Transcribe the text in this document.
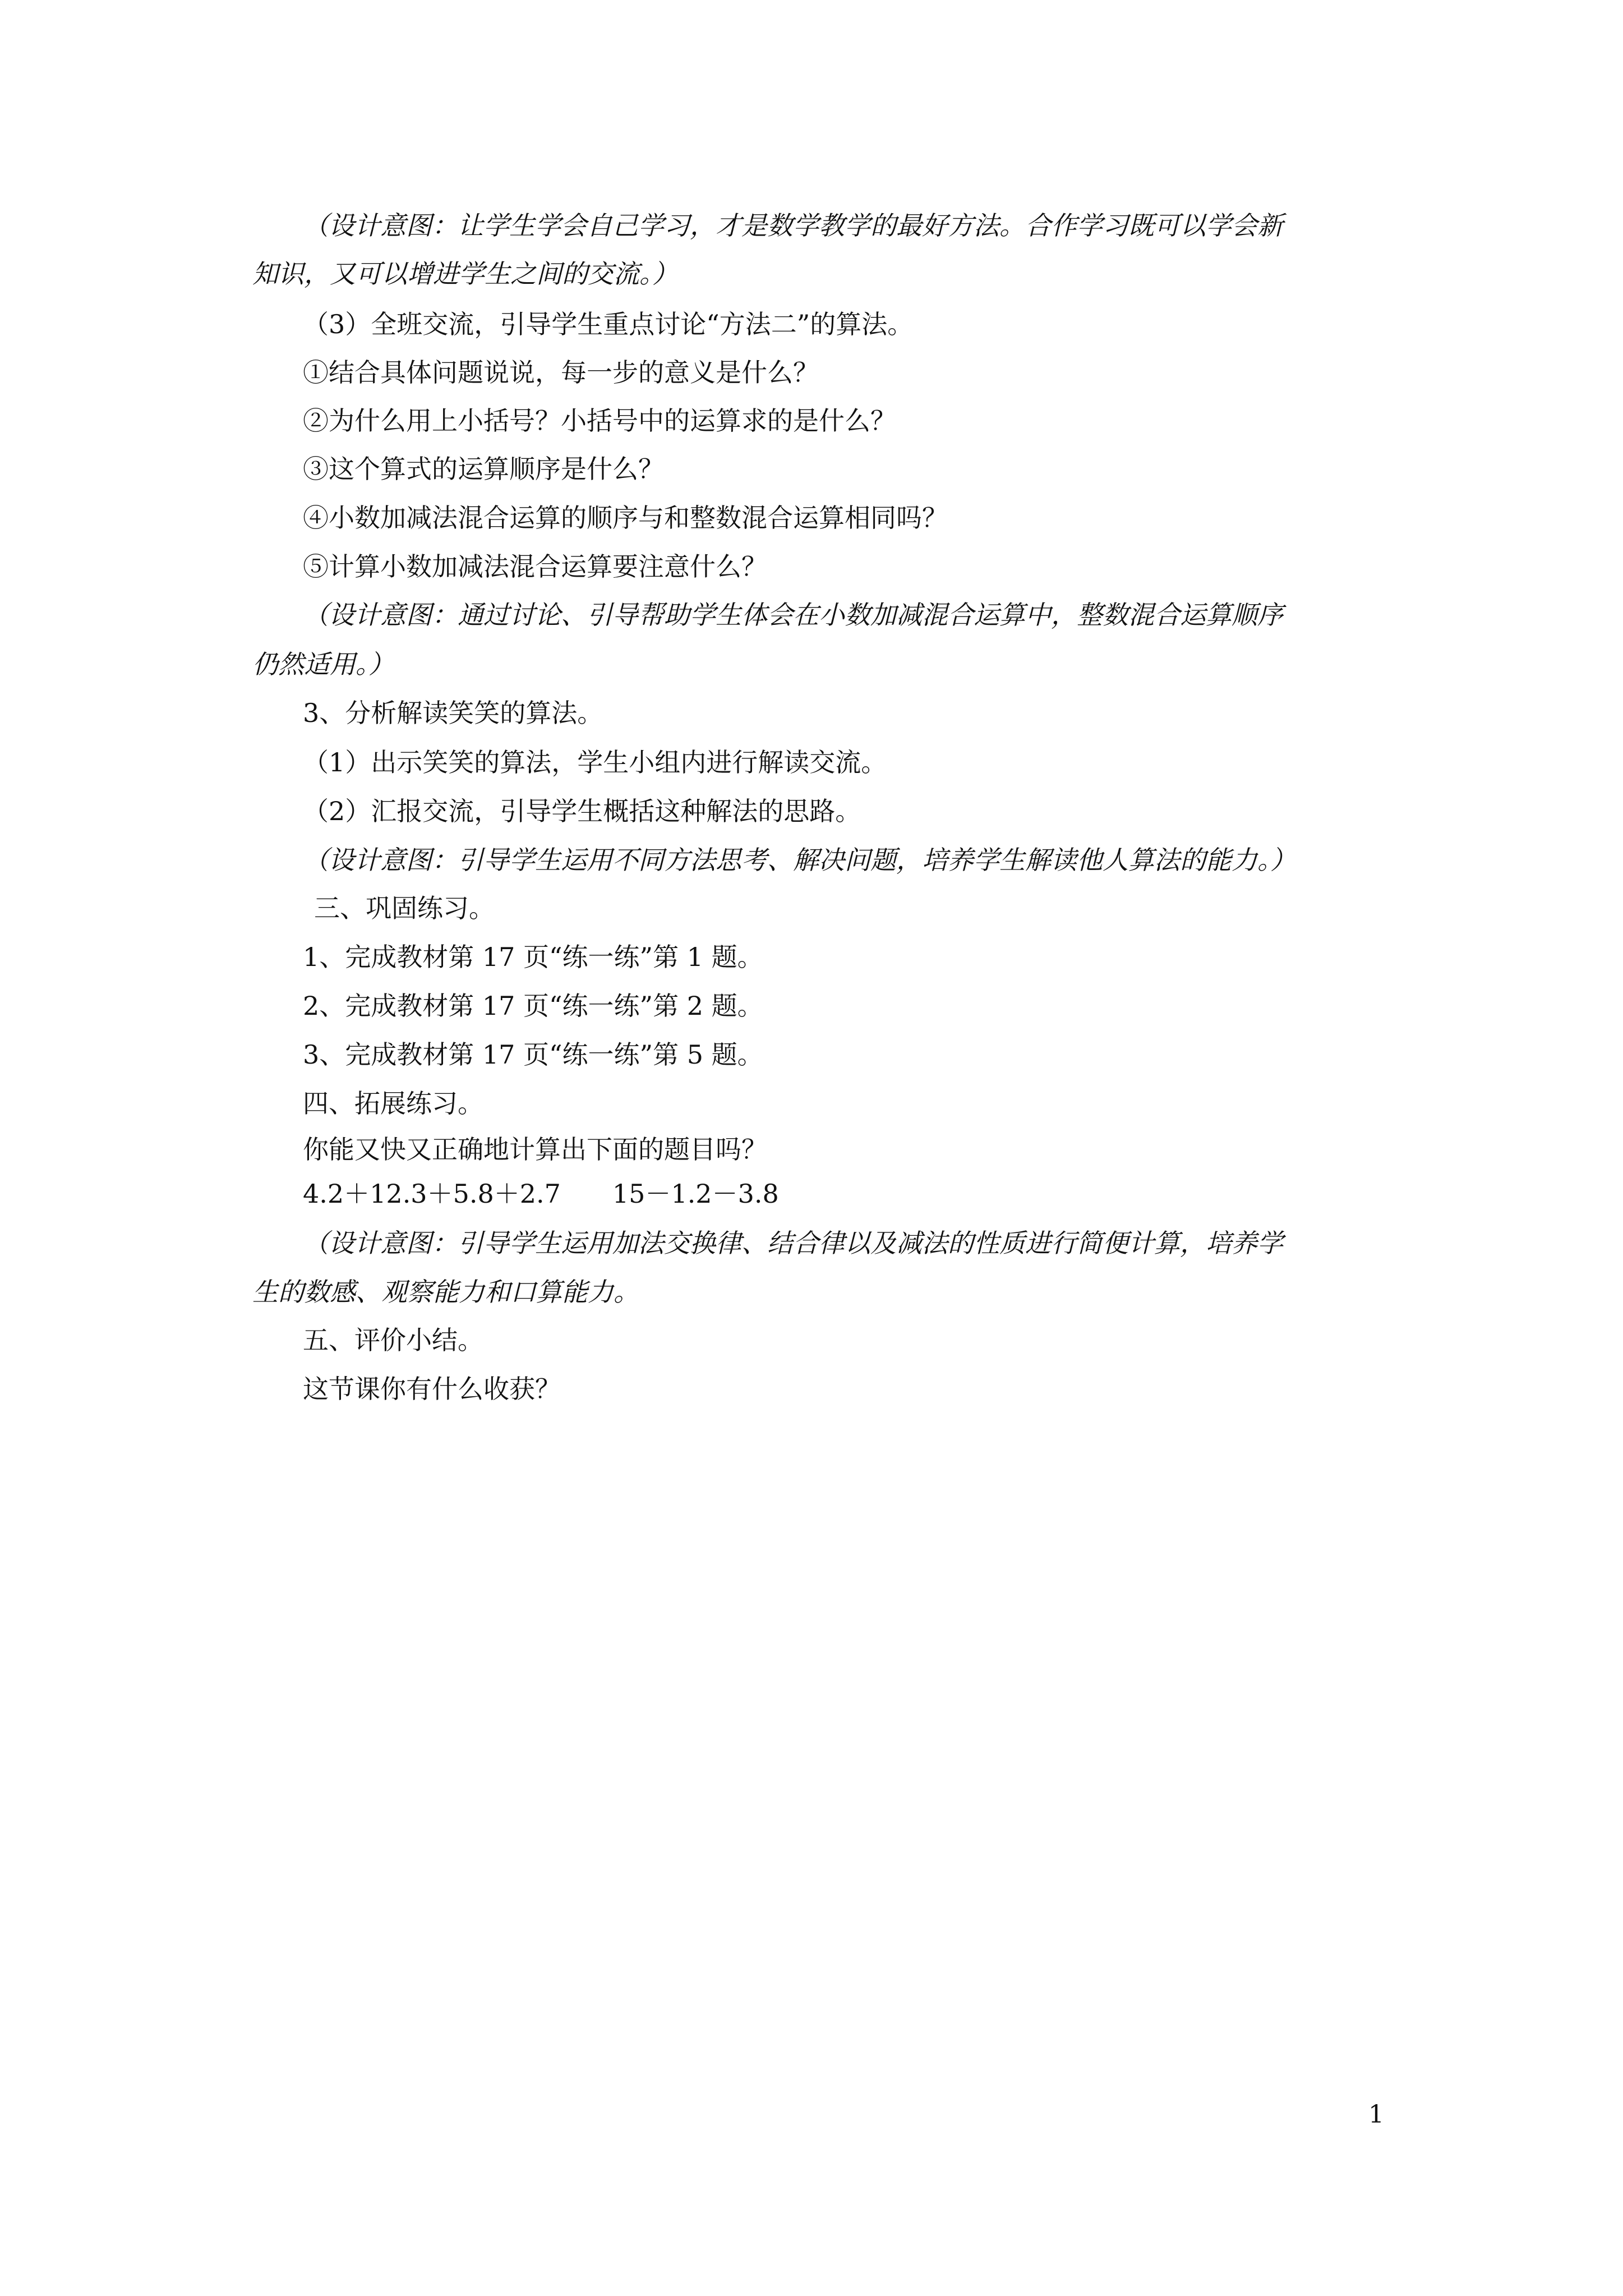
（设计意图：让学生学会自己学习，才是数学教学的最好方法。合作学习既可以学会新
知识，又可以增进学生之间的交流。）
（3）全班交流，引导学生重点讨论“方法二”的算法。
①结合具体问题说说，每一步的意义是什么？
②为什么用上小括号？小括号中的运算求的是什么？
③这个算式的运算顺序是什么？
④小数加减法混合运算的顺序与和整数混合运算相同吗？
⑤计算小数加减法混合运算要注意什么？
（设计意图：通过讨论、引导帮助学生体会在小数加减混合运算中，整数混合运算顺序
仍然适用。）
3、分析解读笑笑的算法。
（1）出示笑笑的算法，学生小组内进行解读交流。
（2）汇报交流，引导学生概括这种解法的思路。
（设计意图：引导学生运用不同方法思考、解决问题，培养学生解读他人算法的能力。）
三、巩固练习。
1、完成教材第 17 页“练一练”第 1 题。
2、完成教材第 17 页“练一练”第 2 题。
3、完成教材第 17 页“练一练”第 5 题。
四、拓展练习。
你能又快又正确地计算出下面的题目吗？
4.2＋12.3＋5.8＋2.7　　15－1.2－3.8
（设计意图：引导学生运用加法交换律、结合律以及减法的性质进行简便计算，培养学
生的数感、观察能力和口算能力。
五、评价小结。
这节课你有什么收获？
1
